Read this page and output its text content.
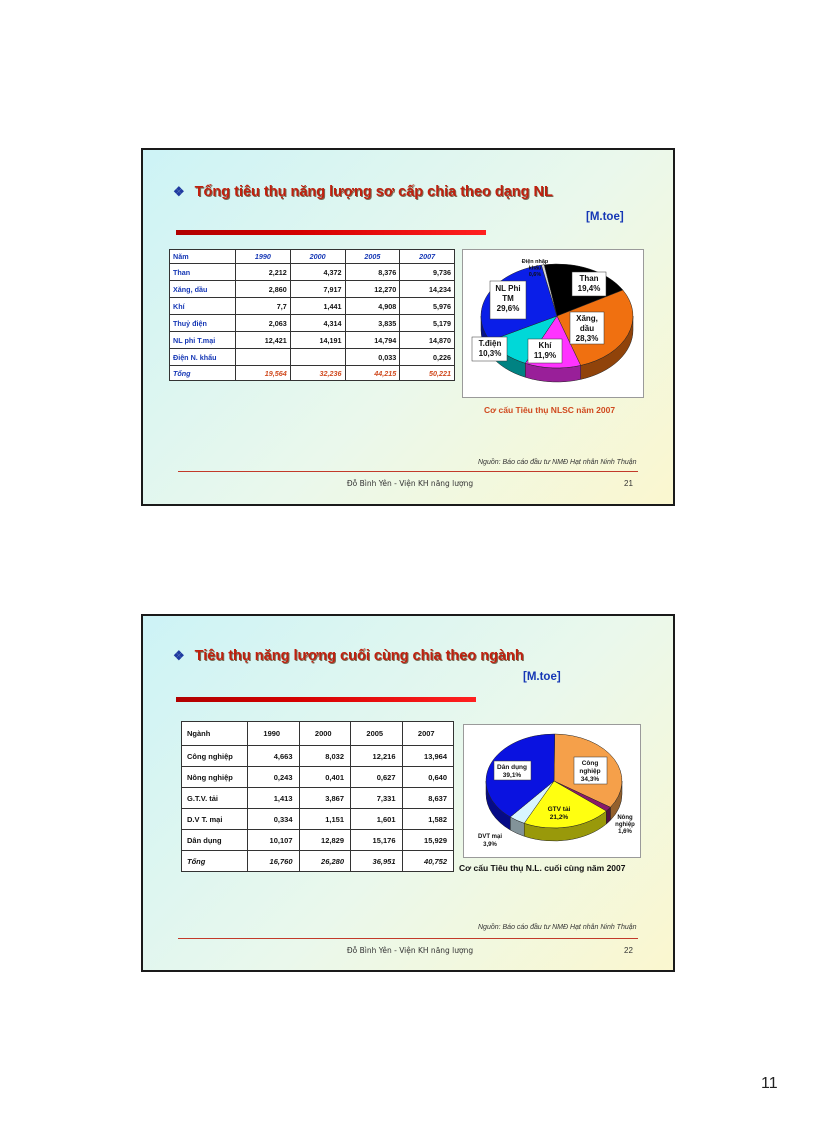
❖ Tổng tiêu thụ năng lượng sơ cấp chia theo dạng NL
[M.toe]
Năm	1990	2000	2005	2007
Than	2,212	4,372	8,376	9,736
Xăng, dầu	2,860	7,917	12,270	14,234
Khí	7,7	1,441	4,908	5,976
Thuỷ điện	2,063	4,314	3,835	5,179
NL phi T.mại	12,421	14,191	14,794	14,870
Điện N. khẩu			0,033	0,226
Tổng	19,564	32,236	44,215	50,221
Điện nhập
khẩu
0,6%	Than
19,4%
Xăng,
dầu
28,3%
Khí
11,9%
T.điện
10,3%
NL Phi
TM
29,6%
Cơ cấu Tiêu thụ NLSC năm 2007
Nguồn: Báo cáo đầu tư NMĐ Hạt nhân Ninh Thuận
Đỗ Bình Yên - Viện KH năng lượng	21
❖ Tiêu thụ năng lượng cuối cùng chia theo ngành
[M.toe]
Ngành	1990	2000	2005	2007
Công nghiệp	4,663	8,032	12,216	13,964
Nông nghiệp	0,243	0,401	0,627	0,640
G.T.V. tải	1,413	3,867	7,331	8,637
D.V T. mại	0,334	1,151	1,601	1,582
Dân dụng	10,107	12,829	15,176	15,929
Tổng	16,760	26,280	36,951	40,752
Dân dụng
39,1%
Công
nghiệp
34,3%
GTV tải
21,2%	Nông
nghiệp
1,6%
DVT mại
3,9%
Cơ cấu Tiêu thụ N.L. cuối cùng năm 2007
Nguồn: Báo cáo đầu tư NMĐ Hạt nhân Ninh Thuận
Đỗ Bình Yên - Viện KH năng lượng	22
11
